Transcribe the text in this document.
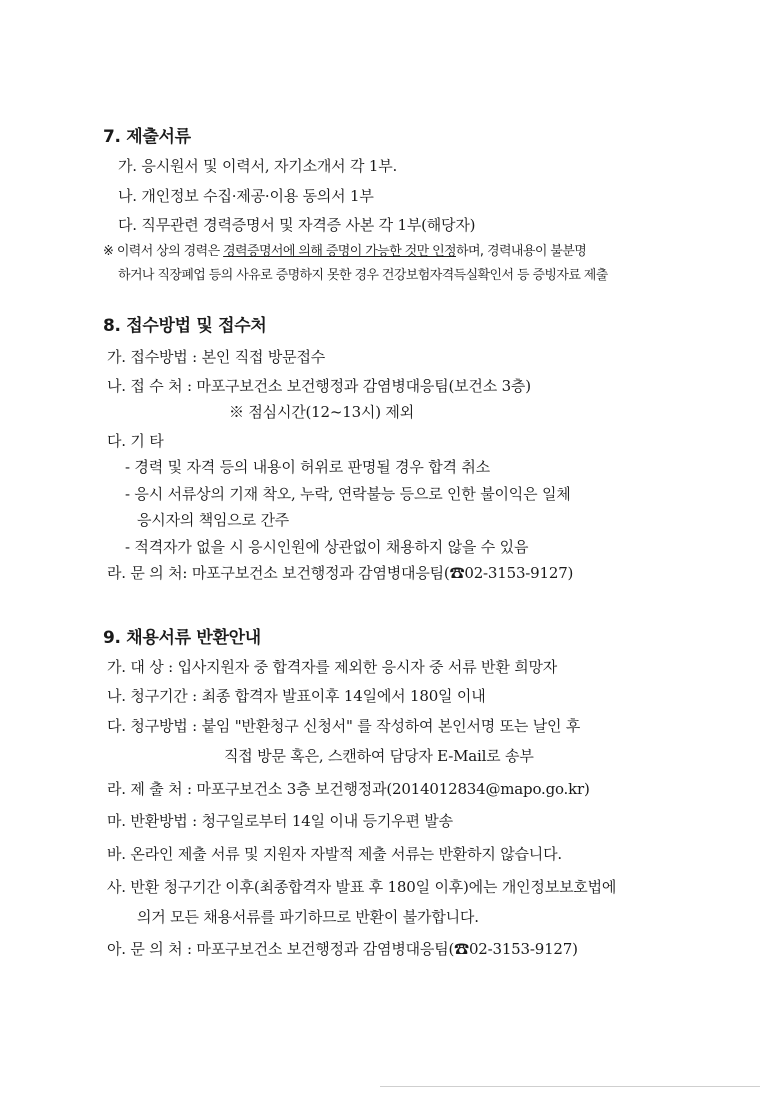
7. 제출서류
가. 응시원서 및 이력서, 자기소개서 각 1부.
나. 개인정보 수집·제공·이용 동의서 1부
다. 직무관련 경력증명서 및 자격증 사본 각 1부(해당자)
※ 이력서 상의 경력은 경력증명서에 의해 증명이 가능한 것만 인정하며, 경력내용이 불분명
하거나 직장폐업 등의 사유로 증명하지 못한 경우 건강보험자격득실확인서 등 증빙자료 제출
8. 접수방법 및 접수처
가. 접수방법 : 본인 직접 방문접수
나. 접 수 처 : 마포구보건소 보건행정과 감염병대응팀(보건소 3층)
※ 점심시간(12~13시) 제외
다. 기 타
- 경력 및 자격 등의 내용이 허위로 판명될 경우 합격 취소
- 응시 서류상의 기재 착오, 누락, 연락불능 등으로 인한 불이익은 일체
응시자의 책임으로 간주
- 적격자가 없을 시 응시인원에 상관없이 채용하지 않을 수 있음
라. 문 의 처: 마포구보건소 보건행정과 감염병대응팀(☎02-3153-9127)
9. 채용서류 반환안내
가. 대 상 : 입사지원자 중 합격자를 제외한 응시자 중 서류 반환 희망자
나. 청구기간 : 최종 합격자 발표이후 14일에서 180일 이내
다. 청구방법 : 붙임 "반환청구 신청서" 를 작성하여 본인서명 또는 날인 후
직접 방문 혹은, 스캔하여 담당자 E-Mail로 송부
라. 제 출 처 : 마포구보건소 3층 보건행정과(2014012834@mapo.go.kr)
마. 반환방법 : 청구일로부터 14일 이내 등기우편 발송
바. 온라인 제출 서류 및 지원자 자발적 제출 서류는 반환하지 않습니다.
사. 반환 청구기간 이후(최종합격자 발표 후 180일 이후)에는 개인정보보호법에
의거 모든 채용서류를 파기하므로 반환이 불가합니다.
아. 문 의 처 : 마포구보건소 보건행정과 감염병대응팀(☎02-3153-9127)
